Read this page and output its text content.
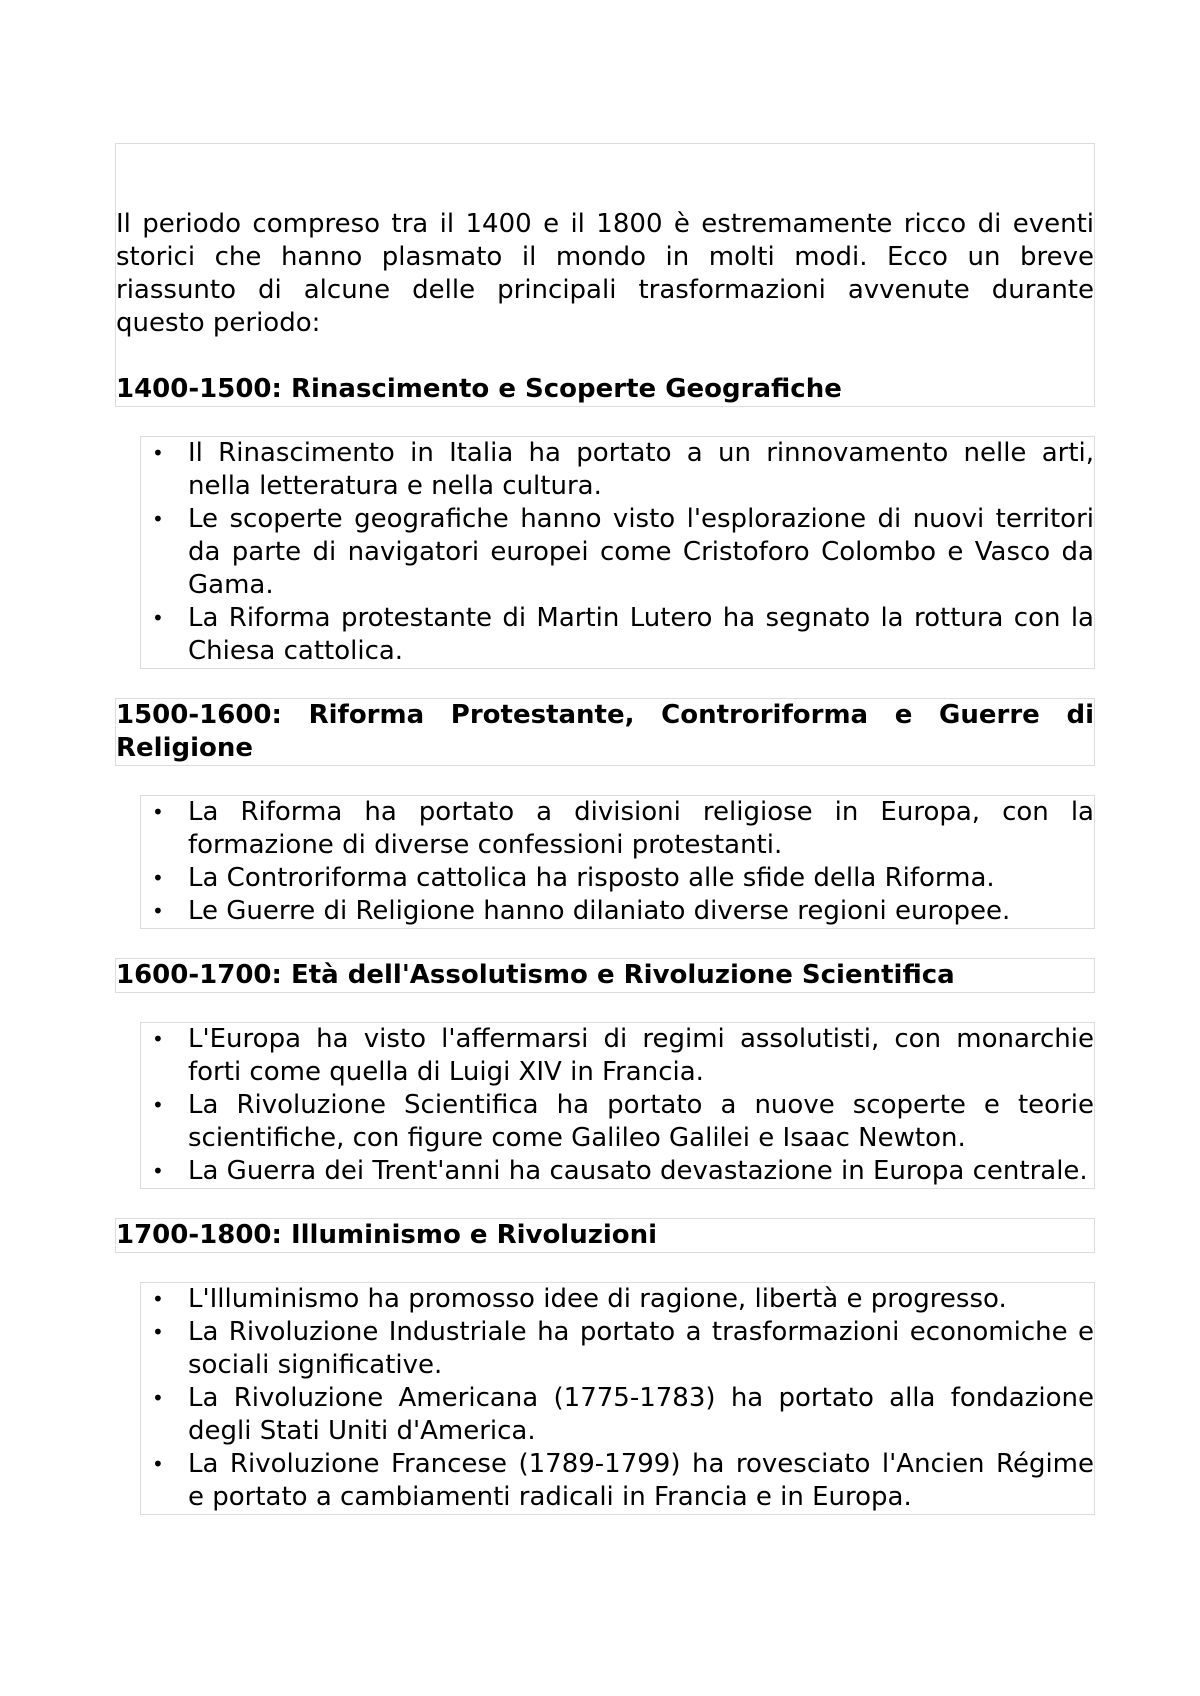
Il periodo compreso tra il 1400 e il 1800 è estremamente ricco di eventi storici che hanno plasmato il mondo in molti modi. Ecco un breve riassunto di alcune delle principali trasformazioni avvenute durante questo periodo:

1400-1500: Rinascimento e Scoperte Geografiche
• Il Rinascimento in Italia ha portato a un rinnovamento nelle arti, nella letteratura e nella cultura.
• Le scoperte geografiche hanno visto l'esplorazione di nuovi territori da parte di navigatori europei come Cristoforo Colombo e Vasco da Gama.
• La Riforma protestante di Martin Lutero ha segnato la rottura con la Chiesa cattolica.
1500-1600: Riforma Protestante, Controriforma e Guerre di Religione
• La Riforma ha portato a divisioni religiose in Europa, con la formazione di diverse confessioni protestanti.
• La Controriforma cattolica ha risposto alle sfide della Riforma.
• Le Guerre di Religione hanno dilaniato diverse regioni europee.
1600-1700: Età dell'Assolutismo e Rivoluzione Scientifica
• L'Europa ha visto l'affermarsi di regimi assolutisti, con monarchie forti come quella di Luigi XIV in Francia.
• La Rivoluzione Scientifica ha portato a nuove scoperte e teorie scientifiche, con figure come Galileo Galilei e Isaac Newton.
• La Guerra dei Trent'anni ha causato devastazione in Europa centrale.
1700-1800: Illuminismo e Rivoluzioni
• L'Illuminismo ha promosso idee di ragione, libertà e progresso.
• La Rivoluzione Industriale ha portato a trasformazioni economiche e sociali significative.
• La Rivoluzione Americana (1775-1783) ha portato alla fondazione degli Stati Uniti d'America.
• La Rivoluzione Francese (1789-1799) ha rovesciato l'Ancien Régime e portato a cambiamenti radicali in Francia e in Europa.
